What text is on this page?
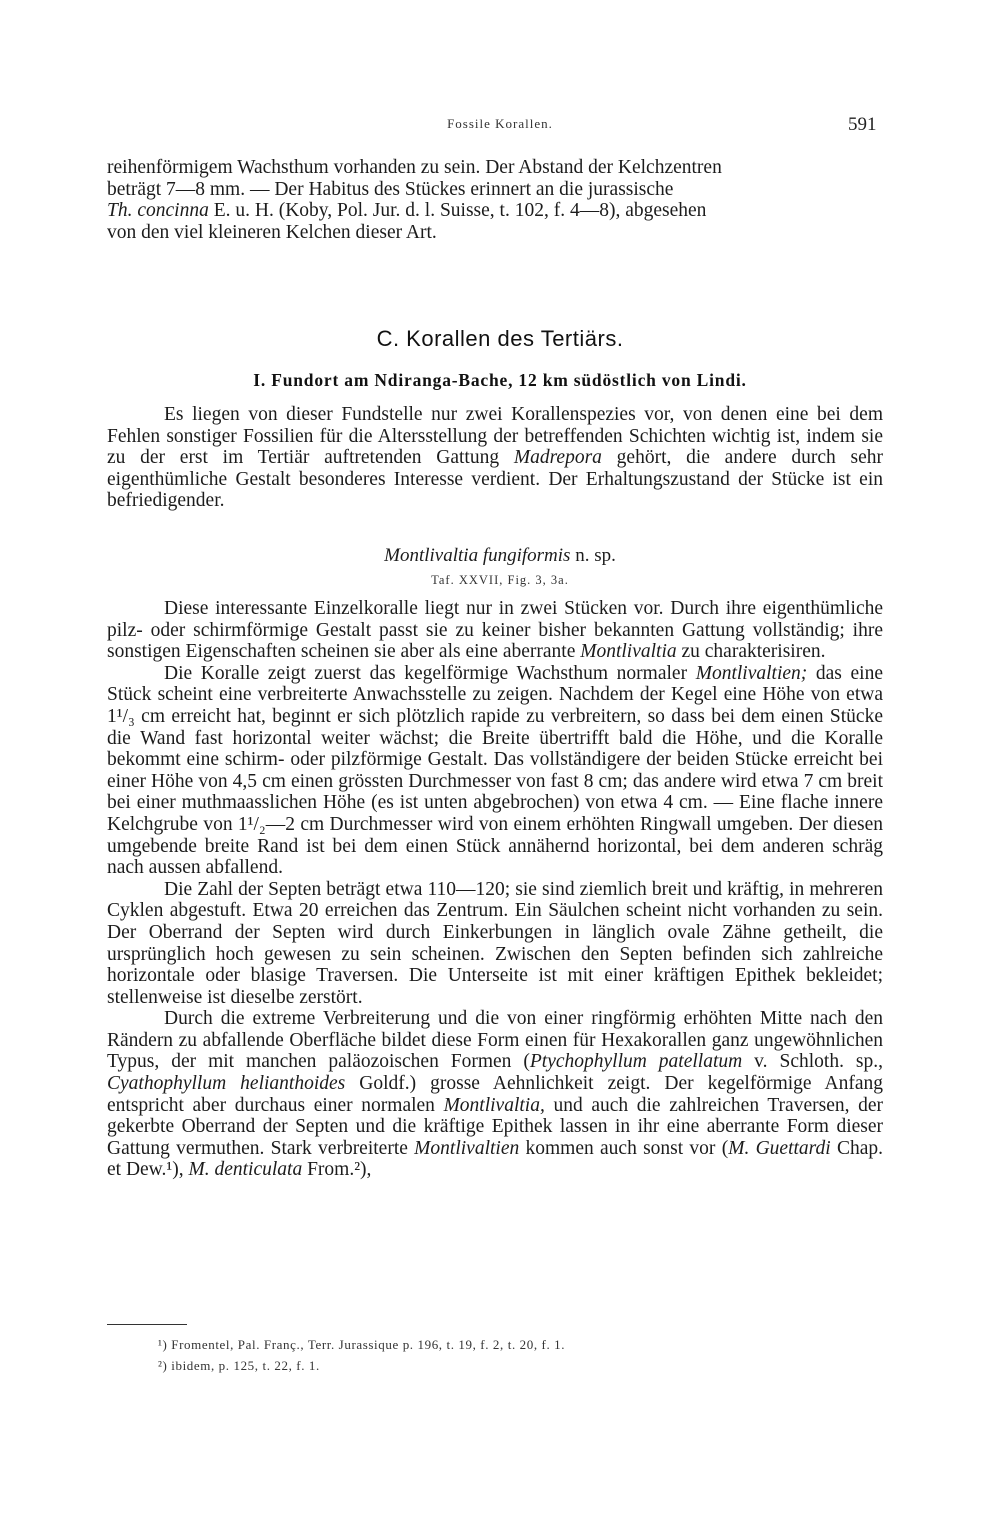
Fossile Korallen.	591

reihenförmigem Wachsthum vorhanden zu sein. Der Abstand der Kelchzentren
beträgt 7—8 mm. — Der Habitus des Stückes erinnert an die jurassische
Th. concinna E. u. H. (Koby, Pol. Jur. d. l. Suisse, t. 102, f. 4—8), abgesehen
von den viel kleineren Kelchen dieser Art.

C. Korallen des Tertiärs.
I. Fundort am Ndiranga-Bache, 12 km südöstlich von Lindi.

Es liegen von dieser Fundstelle nur zwei Korallenspezies vor, von denen eine bei dem Fehlen sonstiger Fossilien für die Altersstellung der betreffenden Schichten wichtig ist, indem sie zu der erst im Tertiär auftretenden Gattung Madrepora gehört, die andere durch sehr eigenthümliche Gestalt besonderes Interesse verdient. Der Erhaltungszustand der Stücke ist ein befriedigender.

Montlivaltia fungiformis n. sp.
Taf. XXVII, Fig. 3, 3a.

Diese interessante Einzelkoralle liegt nur in zwei Stücken vor. Durch ihre eigenthümliche pilz- oder schirmförmige Gestalt passt sie zu keiner bisher bekannten Gattung vollständig; ihre sonstigen Eigenschaften scheinen sie aber als eine aberrante Montlivaltia zu charakterisiren.

Die Koralle zeigt zuerst das kegelförmige Wachsthum normaler Montlivaltien; das eine Stück scheint eine verbreiterte Anwachsstelle zu zeigen. Nachdem der Kegel eine Höhe von etwa 1¹/₃ cm erreicht hat, beginnt er sich plötzlich rapide zu verbreitern, so dass bei dem einen Stücke die Wand fast horizontal weiter wächst; die Breite übertrifft bald die Höhe, und die Koralle bekommt eine schirm- oder pilzförmige Gestalt. Das vollständigere der beiden Stücke erreicht bei einer Höhe von 4,5 cm einen grössten Durchmesser von fast 8 cm; das andere wird etwa 7 cm breit bei einer muthmaasslichen Höhe (es ist unten abgebrochen) von etwa 4 cm. — Eine flache innere Kelchgrube von 1¹/₂—2 cm Durchmesser wird von einem erhöhten Ringwall umgeben. Der diesen umgebende breite Rand ist bei dem einen Stück annähernd horizontal, bei dem anderen schräg nach aussen abfallend.

Die Zahl der Septen beträgt etwa 110—120; sie sind ziemlich breit und kräftig, in mehreren Cyklen abgestuft. Etwa 20 erreichen das Zentrum. Ein Säulchen scheint nicht vorhanden zu sein. Der Oberrand der Septen wird durch Einkerbungen in länglich ovale Zähne getheilt, die ursprünglich hoch gewesen zu sein scheinen. Zwischen den Septen befinden sich zahlreiche horizontale oder blasige Traversen. Die Unterseite ist mit einer kräftigen Epithek bekleidet; stellenweise ist dieselbe zerstört.

Durch die extreme Verbreiterung und die von einer ringförmig erhöhten Mitte nach den Rändern zu abfallende Oberfläche bildet diese Form einen für Hexakorallen ganz ungewöhnlichen Typus, der mit manchen paläozoischen Formen (Ptychophyllum patellatum v. Schloth. sp., Cyathophyllum helianthoides Goldf.) grosse Aehnlichkeit zeigt. Der kegelförmige Anfang entspricht aber durchaus einer normalen Montlivaltia, und auch die zahlreichen Traversen, der gekerbte Oberrand der Septen und die kräftige Epithek lassen in ihr eine aberrante Form dieser Gattung vermuthen. Stark verbreiterte Montlivaltien kommen auch sonst vor (M. Guettardi Chap. et Dew.¹), M. denticulata From.²),

¹) Fromentel, Pal. Franç., Terr. Jurassique p. 196, t. 19, f. 2, t. 20, f. 1.
²) ibidem, p. 125, t. 22, f. 1.
